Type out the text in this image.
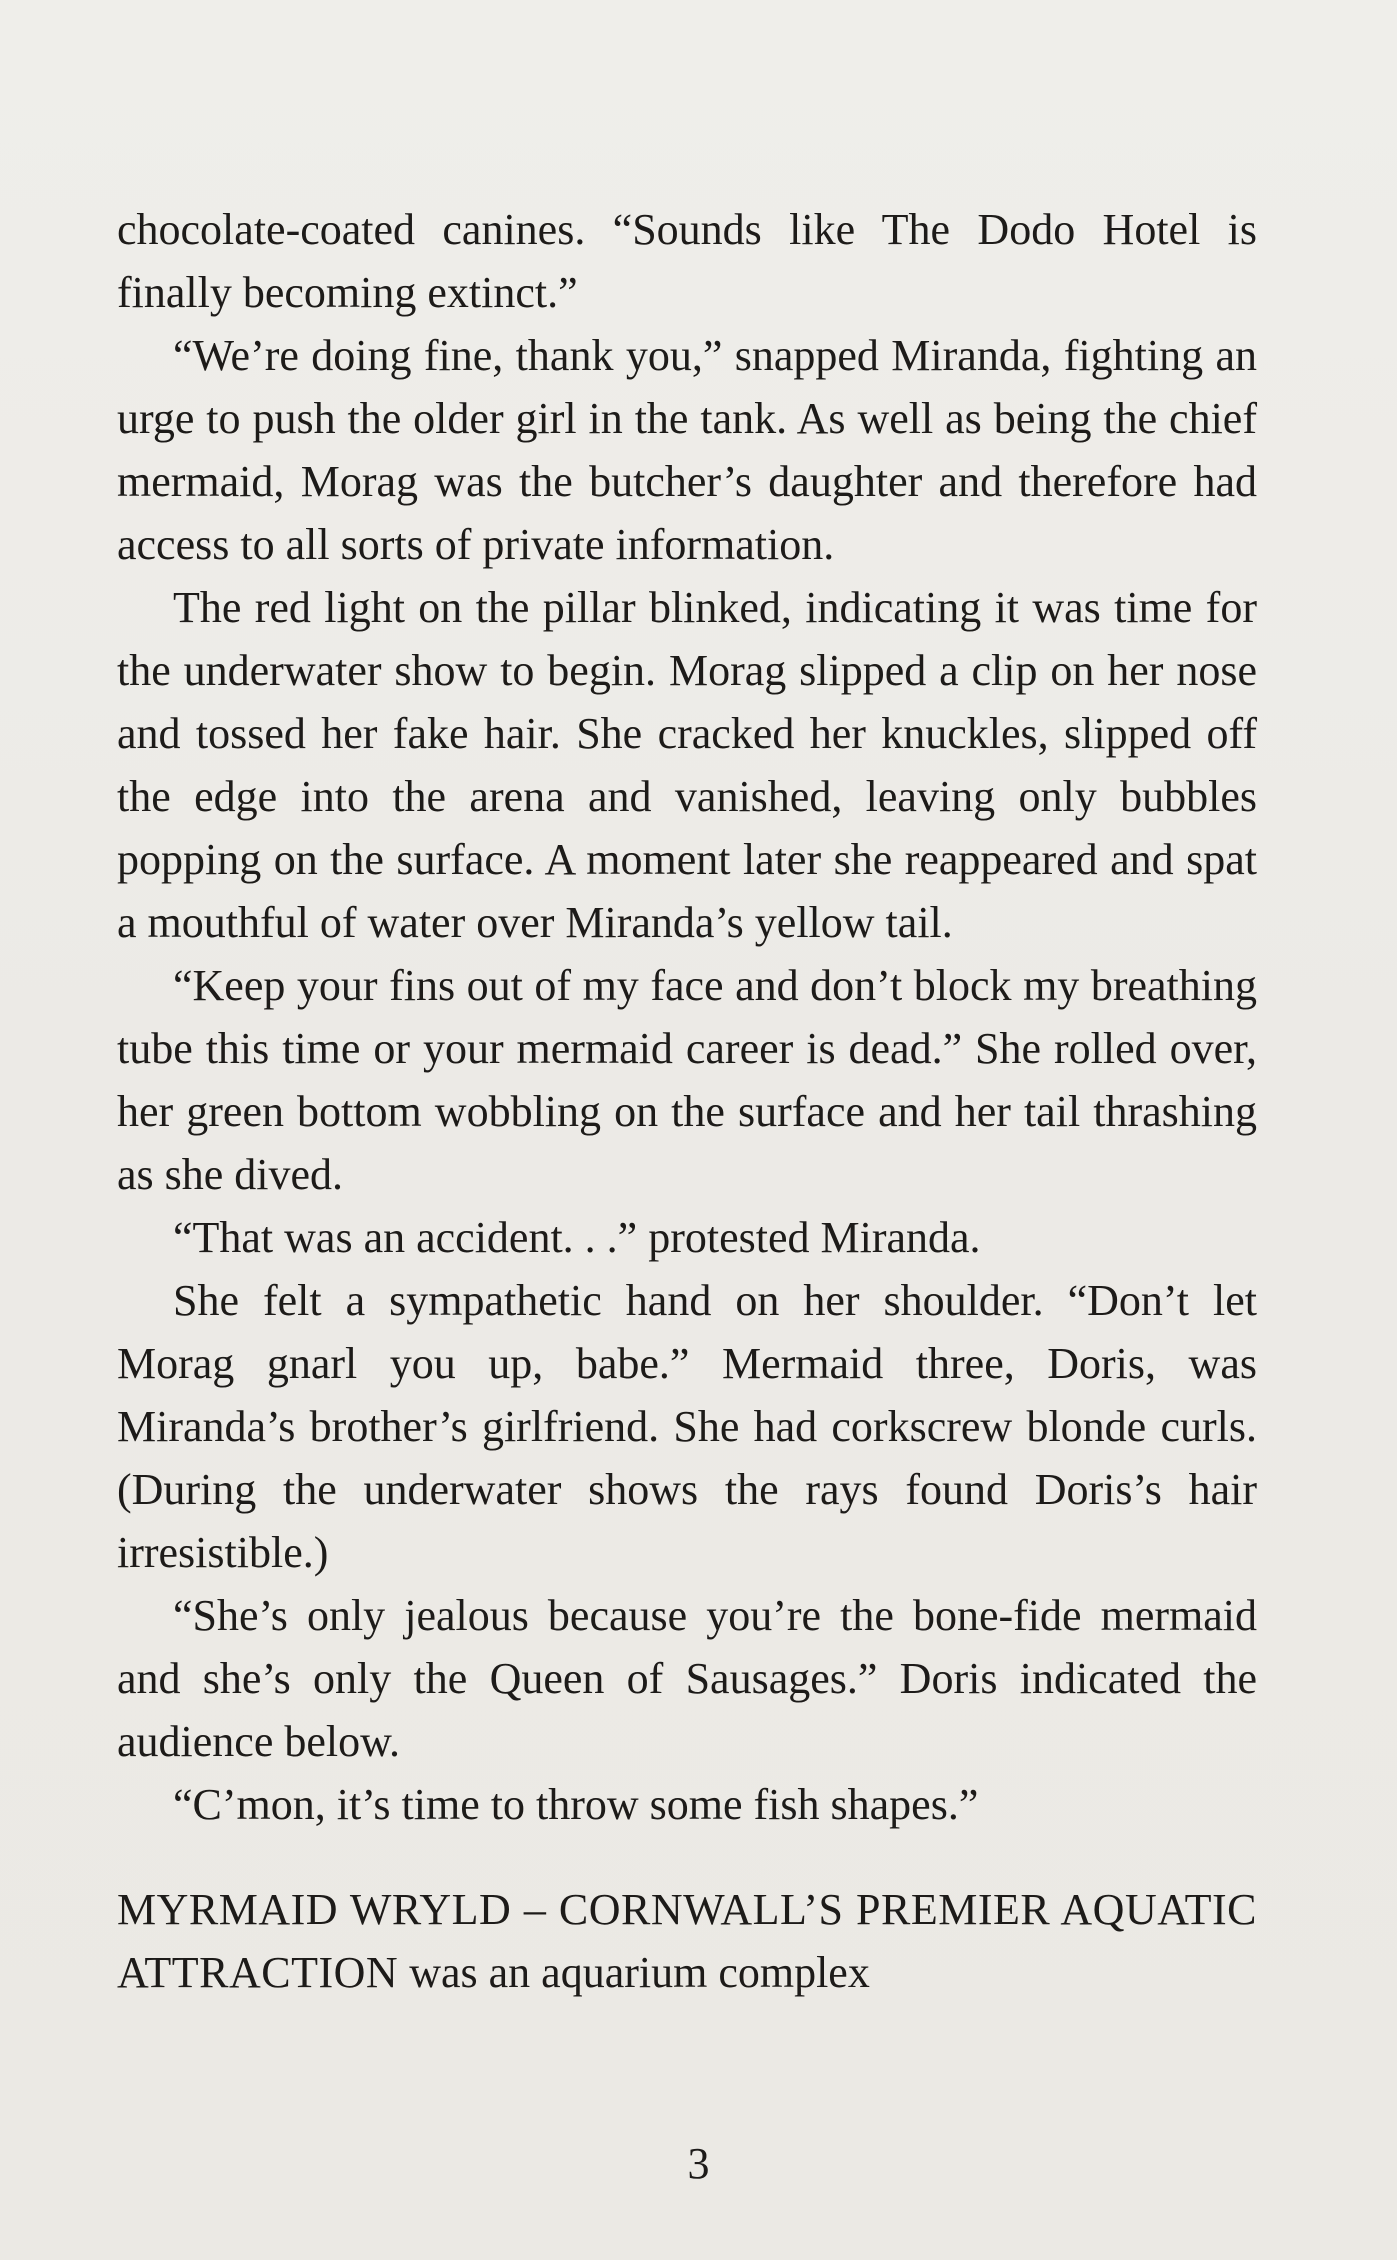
chocolate-coated canines. “Sounds like The Dodo Hotel is finally becoming extinct.”

“We’re doing fine, thank you,” snapped Miranda, fighting an urge to push the older girl in the tank. As well as being the chief mermaid, Morag was the butcher’s daughter and therefore had access to all sorts of private information.

The red light on the pillar blinked, indicating it was time for the underwater show to begin. Morag slipped a clip on her nose and tossed her fake hair. She cracked her knuckles, slipped off the edge into the arena and vanished, leaving only bubbles popping on the surface. A moment later she reappeared and spat a mouthful of water over Miranda’s yellow tail.

“Keep your fins out of my face and don’t block my breathing tube this time or your mermaid career is dead.” She rolled over, her green bottom wobbling on the surface and her tail thrashing as she dived.

“That was an accident. . .” protested Miranda.

She felt a sympathetic hand on her shoulder. “Don’t let Morag gnarl you up, babe.” Mermaid three, Doris, was Miranda’s brother’s girlfriend. She had corkscrew blonde curls. (During the underwater shows the rays found Doris’s hair irresistible.)

“She’s only jealous because you’re the bone-fide mermaid and she’s only the Queen of Sausages.” Doris indicated the audience below.

“C’mon, it’s time to throw some fish shapes.”

MYRMAID WRYLD – CORNWALL’S PREMIER AQUATIC ATTRACTION was an aquarium complex

3
